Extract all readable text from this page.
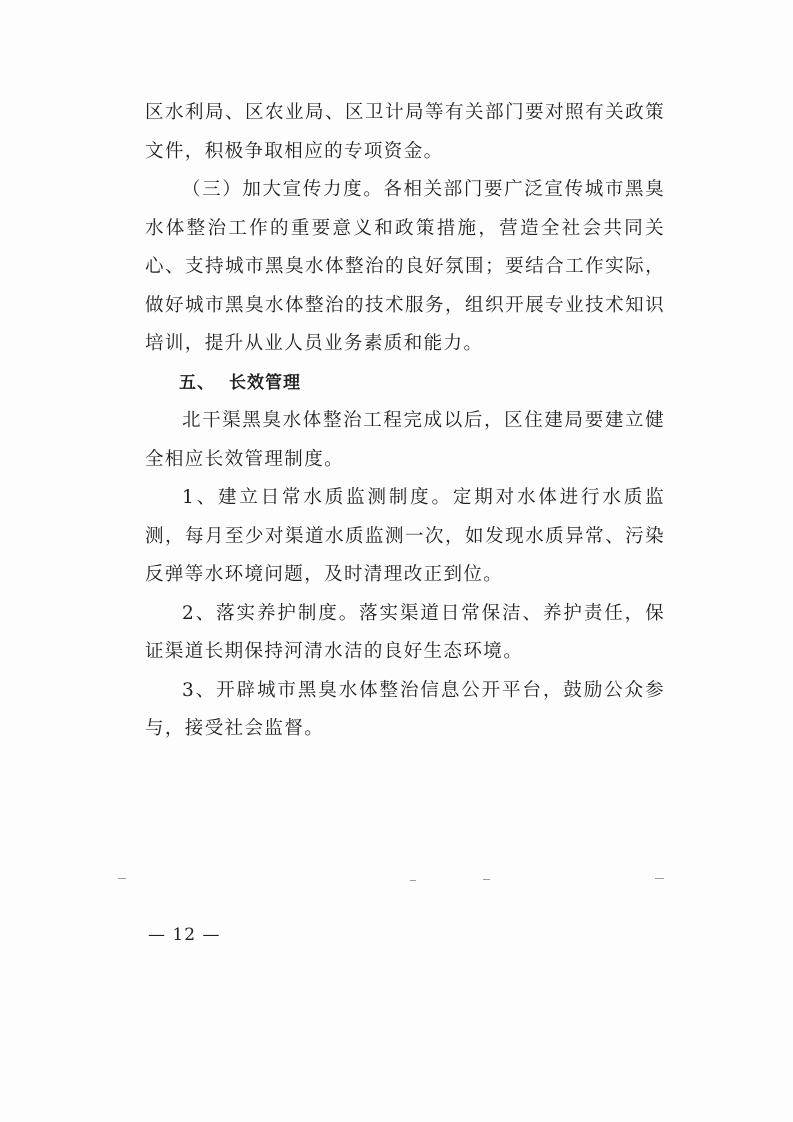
区水利局、区农业局、区卫计局等有关部门要对照有关政策文件，积极争取相应的专项资金。

（三）加大宣传力度。各相关部门要广泛宣传城市黑臭水体整治工作的重要意义和政策措施，营造全社会共同关心、支持城市黑臭水体整治的良好氛围；要结合工作实际，做好城市黑臭水体整治的技术服务，组织开展专业技术知识培训，提升从业人员业务素质和能力。

五、 长效管理

北干渠黑臭水体整治工程完成以后，区住建局要建立健全相应长效管理制度。

1、建立日常水质监测制度。定期对水体进行水质监测，每月至少对渠道水质监测一次，如发现水质异常、污染反弹等水环境问题，及时清理改正到位。

2、落实养护制度。落实渠道日常保洁、养护责任，保证渠道长期保持河清水洁的良好生态环境。

3、开辟城市黑臭水体整治信息公开平台，鼓励公众参与，接受社会监督。

— 12 —
